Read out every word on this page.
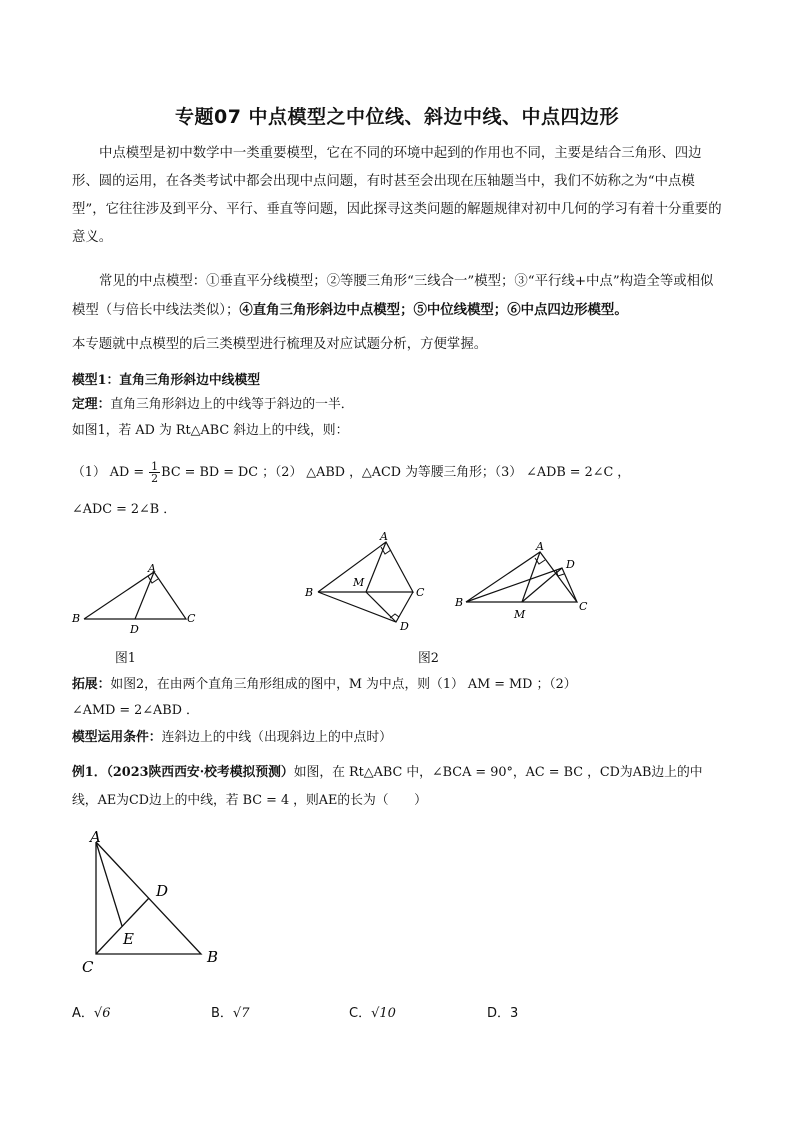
专题07 中点模型之中位线、斜边中线、中点四边形
中点模型是初中数学中一类重要模型，它在不同的环境中起到的作用也不同，主要是结合三角形、四边形、圆的运用，在各类考试中都会出现中点问题，有时甚至会出现在压轴题当中，我们不妨称之为“中点模型”，它往往涉及到平分、平行、垂直等问题，因此探寻这类问题的解题规律对初中几何的学习有着十分重要的意义。
常见的中点模型：①垂直平分线模型；②等腰三角形“三线合一”模型；③“平行线+中点”构造全等或相似模型（与倍长中线法类似）；④直角三角形斜边中点模型；⑤中位线模型；⑥中点四边形模型。
本专题就中点模型的后三类模型进行梳理及对应试题分析，方便掌握。
模型1：直角三角形斜边中线模型
定理：直角三角形斜边上的中线等于斜边的一半．
如图1，若 AD 为 Rt△ABC 斜边上的中线，则：
（1） AD = $\frac{1}{2}$ BC = BD = DC ；（2） △ABD ，△ACD 为等腰三角形；（3） ∠ADB = 2∠C ，
∠ADC = 2∠B ．
A
B	C
D
A
B	C
D
M
A
B	C
D
M
图1	图2
拓展：如图2，在由两个直角三角形组成的图中，M 为中点，则（1） AM = MD ；（2）
∠AMD = 2∠ABD ．
模型运用条件：连斜边上的中线（出现斜边上的中点时）
例1．（2023陕西西安·校考模拟预测）如图，在 Rt△ABC 中，∠BCA = 90°，AC = BC ，CD为AB边上的中
线，AE为CD边上的中线，若 BC = 4 ，则AE的长为（　　）
A
B
C
D
E
A．√6	B．√7	C．√10	D．3
